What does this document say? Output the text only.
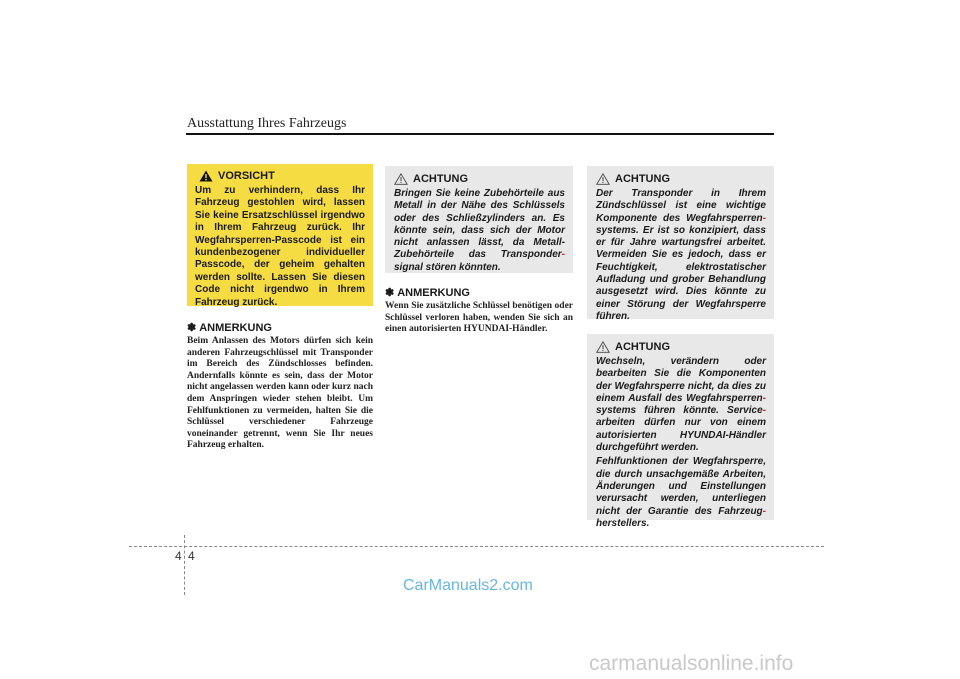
Ausstattung Ihres Fahrzeugs
VORSICHT
Um zu verhindern, dass Ihr Fahrzeug gestohlen wird, lassen Sie keine Ersatzschlüssel irgendwo in Ihrem Fahrzeug zurück. Ihr Wegfahrsperren-Passcode ist ein kundenbezogener individueller Passcode, der geheim gehalten werden sollte. Lassen Sie diesen Code nicht irgendwo in Ihrem Fahrzeug zurück.
✽ ANMERKUNG
Beim Anlassen des Motors dürfen sich kein anderen Fahrzeugschlüssel mit Transponder im Bereich des Zündschlosses befinden. Andernfalls könnte es sein, dass der Motor nicht angelassen werden kann oder kurz nach dem Anspringen wieder stehen bleibt. Um Fehlfunktionen zu vermeiden, halten Sie die Schlüssel verschiedener Fahrzeuge voneinander getrennt, wenn Sie Ihr neues Fahrzeug erhalten.
ACHTUNG

Bringen Sie keine Zubehörteile aus Metall in der Nähe des Schlüssels oder des Schließzylinders an. Es könnte sein, dass sich der Motor nicht anlassen lässt, da Metall-Zubehörteile das Transponder- signal stören könnten.

✽ ANMERKUNG
Wenn Sie zusätzliche Schlüssel benötigen oder Schlüssel verloren haben, wenden Sie sich an einen autorisierten HYUNDAI-Händler.
ACHTUNG

Der Transponder in Ihrem Zündschlüssel ist eine wichtige Komponente des Wegfahrsperren- systems. Er ist so konzipiert, dass er für Jahre wartungsfrei arbeitet. Vermeiden Sie es jedoch, dass er Feuchtigkeit, elektrostatischer Aufladung und grober Behandlung ausgesetzt wird. Dies könnte zu einer Störung der Wegfahrsperre führen.

ACHTUNG

Wechseln, verändern oder bearbeiten Sie die Komponenten der Wegfahrsperre nicht, da dies zu einem Ausfall des Wegfahrsperren- systems führen könnte. Service- arbeiten dürfen nur von einem autorisierten HYUNDAI-Händler durchgeführt werden.

Fehlfunktionen der Wegfahrsperre, die durch unsachgemäße Arbeiten, Änderungen und Einstellungen verursacht werden, unterliegen nicht der Garantie des Fahrzeug- herstellers.

4 4
CarManuals2.com
carmanualsonline.info
